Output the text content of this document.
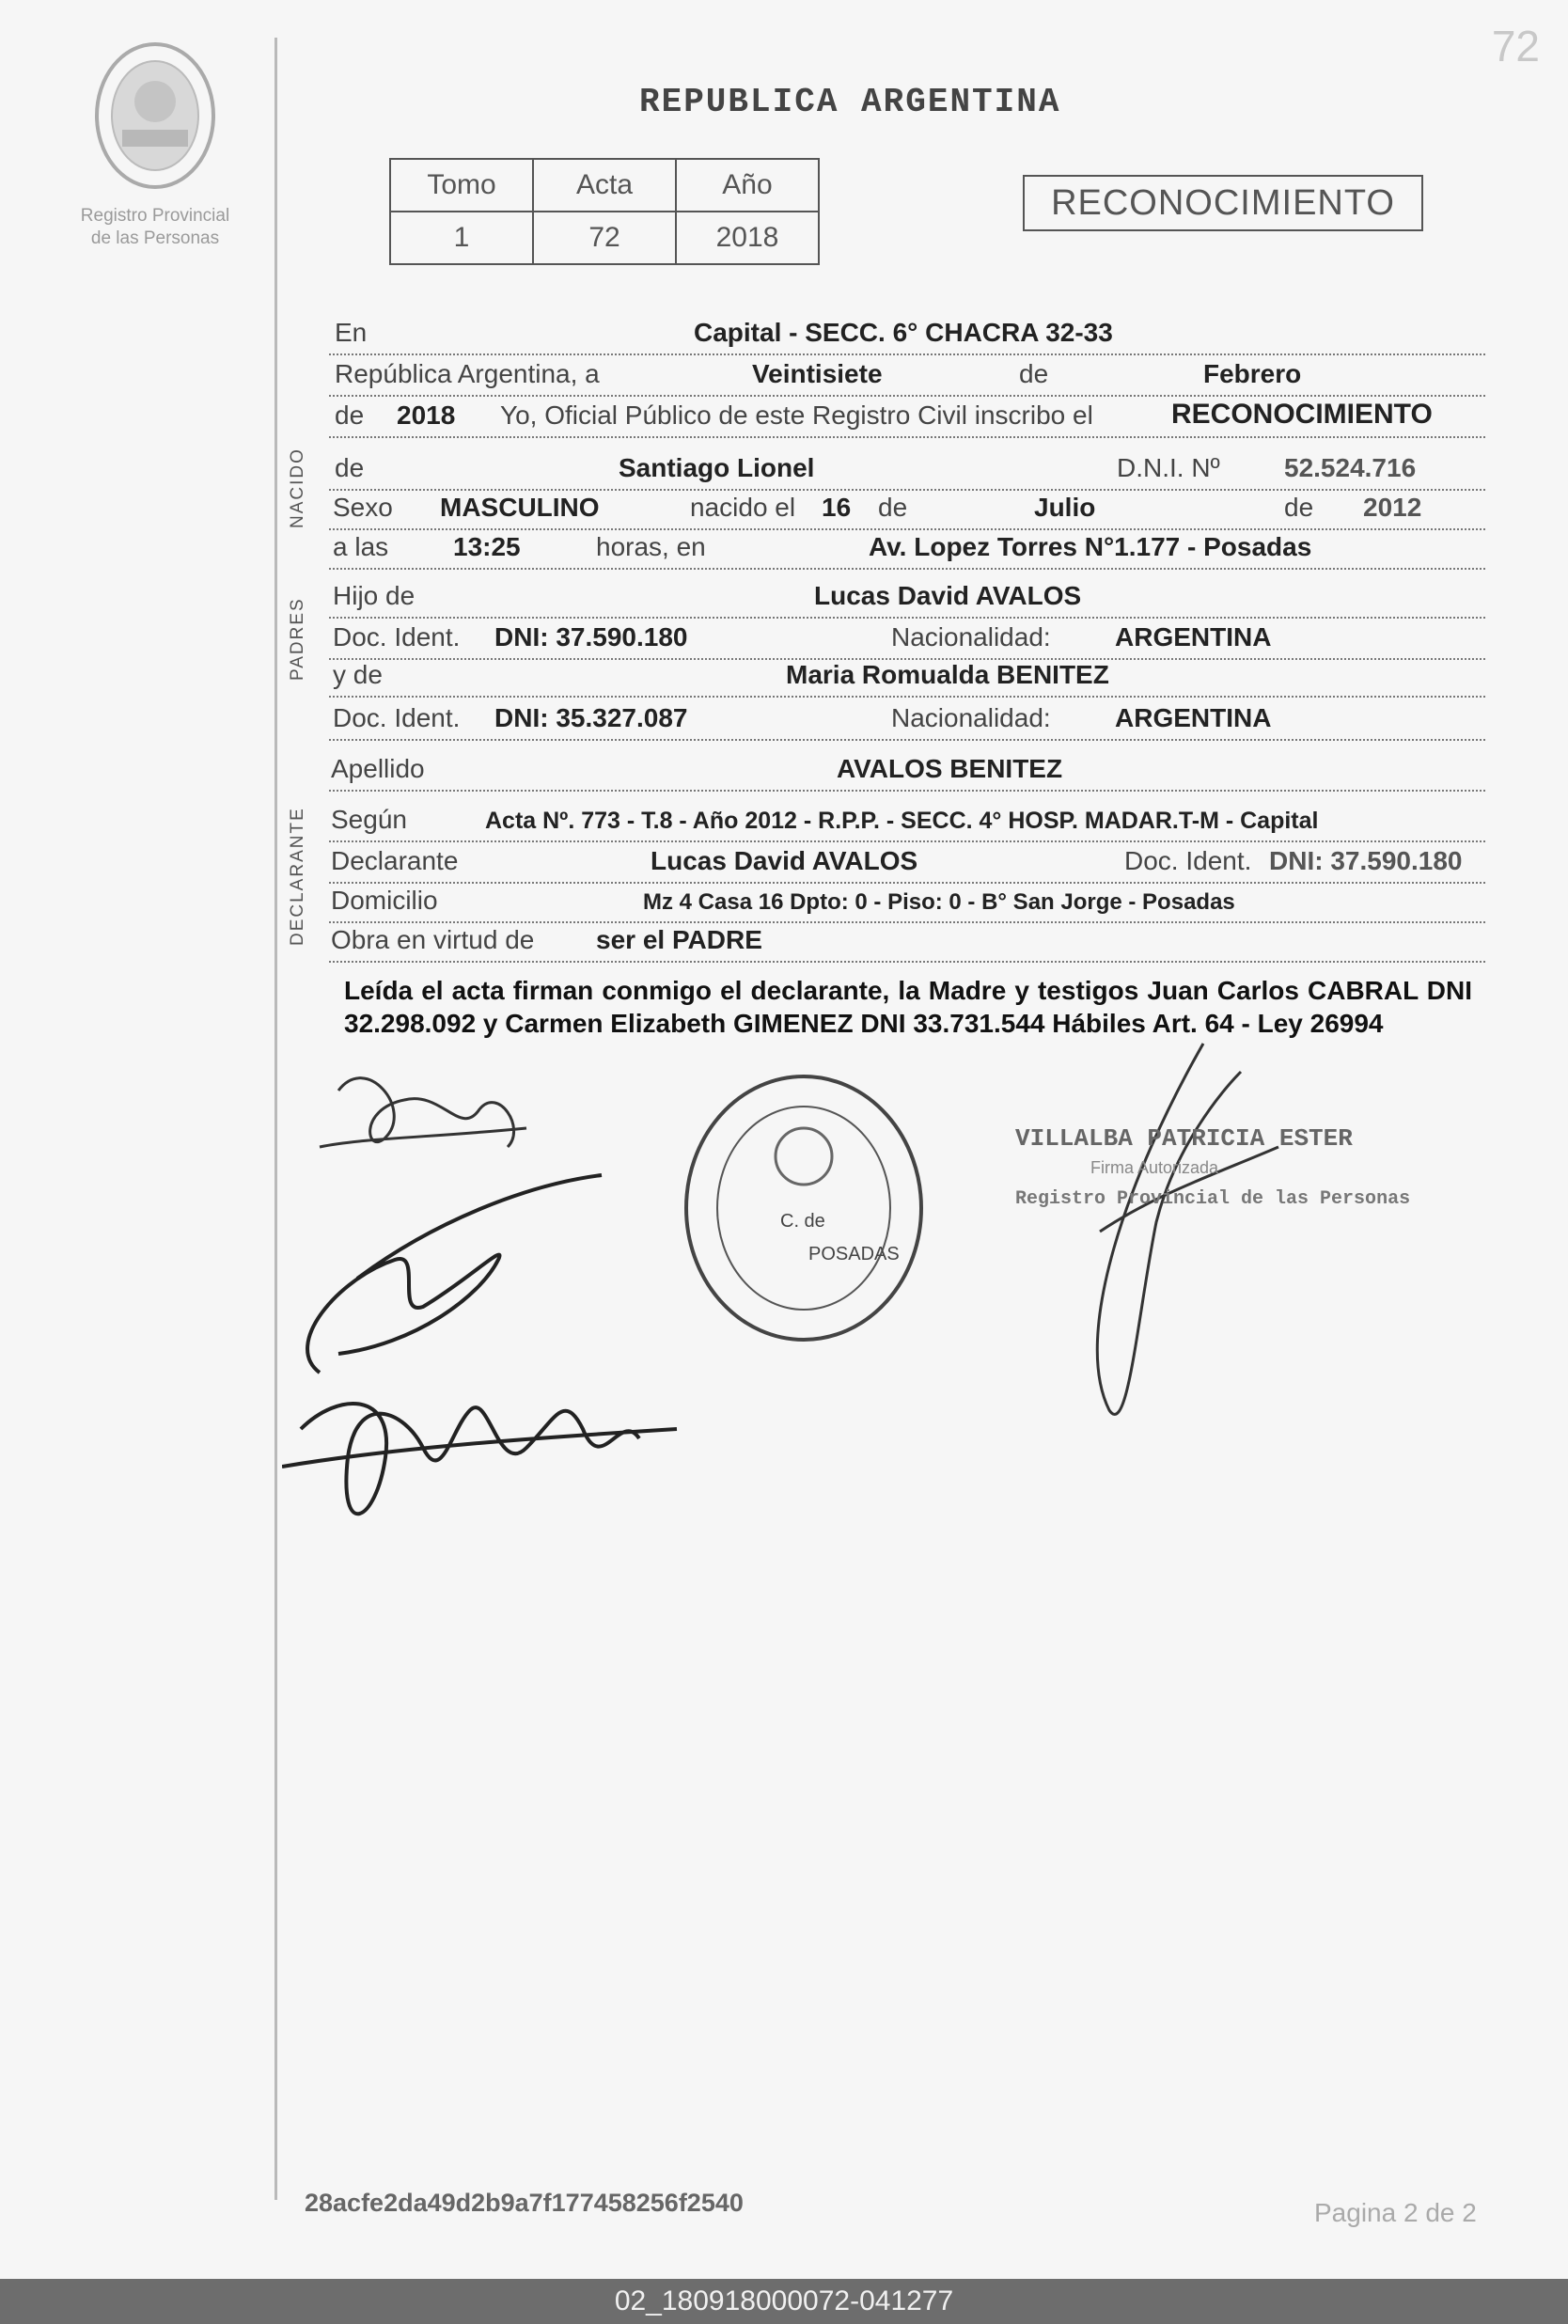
72
Registro Provincial
de las Personas
REPUBLICA ARGENTINA
Tomo	Acta	Año
1	72	2018
RECONOCIMIENTO
En	Capital - SECC. 6° CHACRA 32-33
República Argentina, a	Veintisiete	de	Febrero
de 2018 Yo, Oficial Público de este Registro Civil inscribo el	RECONOCIMIENTO
NACIDO de	Santiago Lionel	D.N.I. Nº 52.524.716
Sexo MASCULINO	nacido el 16 de	Julio	de 2012
a las 13:25	horas, en	Av. Lopez Torres N°1.177 - Posadas
PADRES
Hijo de	Lucas David AVALOS
Doc. Ident. DNI: 37.590.180	Nacionalidad: ARGENTINA
y de	Maria Romualda BENITEZ
Doc. Ident. DNI: 35.327.087	Nacionalidad: ARGENTINA
Apellido	AVALOS BENITEZ
DECLARANTE Según	Acta Nº. 773 - T.8 - Año 2012 - R.P.P. - SECC. 4° HOSP. MADAR.T-M - Capital
Declarante	Lucas David AVALOS	Doc. Ident. DNI: 37.590.180
Domicilio	Mz 4 Casa 16 Dpto: 0 - Piso: 0 - B° San Jorge - Posadas
Obra en virtud de ser el PADRE
Leída el acta firman conmigo el declarante, la Madre y testigos Juan Carlos CABRAL DNI 32.298.092 y Carmen Elizabeth GIMENEZ DNI 33.731.544 Hábiles Art. 64 - Ley 26994
C. de
POSADAS
VILLALBA PATRICIA ESTER
Firma Autorizada
Registro Provincial de las Personas
28acfe2da49d2b9a7f177458256f2540	Pagina 2 de 2
02_180918000072-041277
